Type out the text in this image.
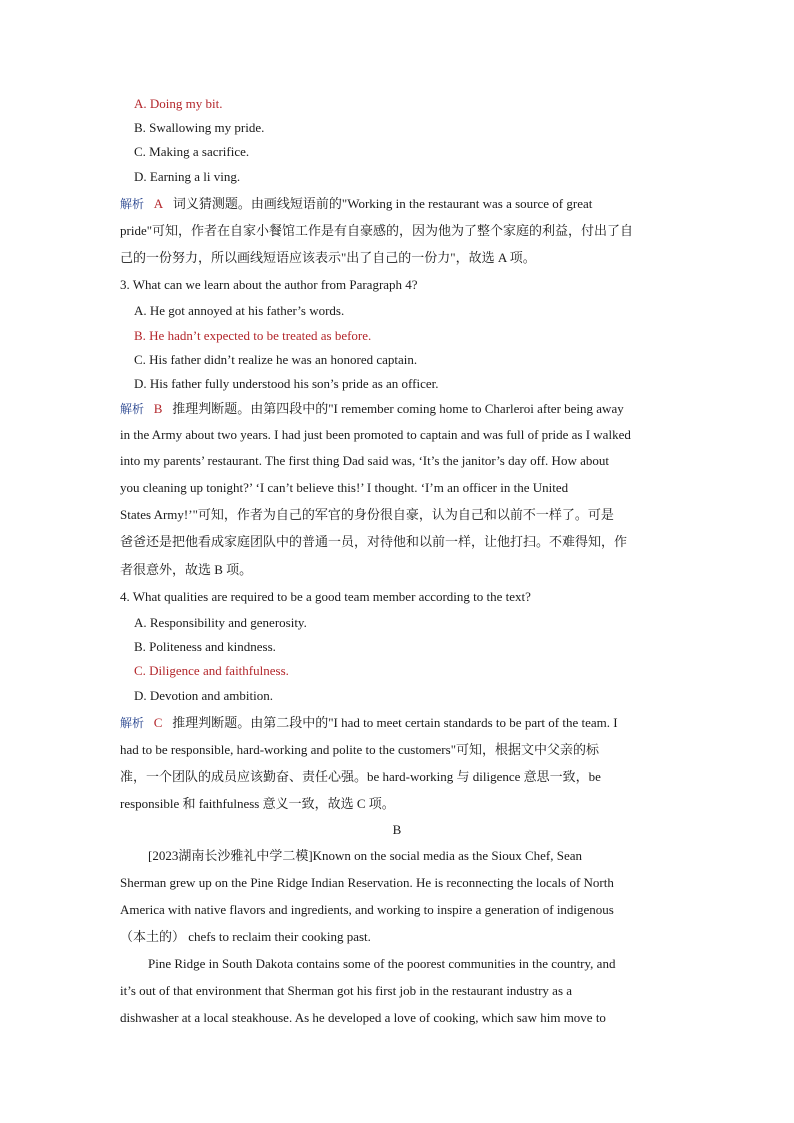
A. Doing my bit.
B. Swallowing my pride.
C. Making a sacrifice.
D. Earning a li ving.
解析 A 词义猜测题。由画线短语前的"Working in the restaurant was a source of great
pride"可知，作者在自家小餐馆工作是有自豪感的，因为他为了整个家庭的利益，付出了自
己的一份努力，所以画线短语应该表示"出了自己的一份力"，故选 A 项。
3. What can we learn about the author from Paragraph 4?
A. He got annoyed at his father’s words.
B. He hadn’t expected to be treated as before.
C. His father didn’t realize he was an honored captain.
D. His father fully understood his son’s pride as an officer.
解析 B 推理判断题。由第四段中的"I remember coming home to Charleroi after being away
in the Army about two years. I had just been promoted to captain and was full of pride as I walked
into my parents’ restaurant. The first thing Dad said was, ‘It’s the janitor’s day off. How about
you cleaning up tonight?’ ‘I can’t believe this!’ I thought. ‘I’m an officer in the United
States Army!’"可知，作者为自己的军官的身份很自豪，认为自己和以前不一样了。可是
爸爸还是把他看成家庭团队中的普通一员，对待他和以前一样，让他打扫。不难得知，作
者很意外，故选 B 项。
4. What qualities are required to be a good team member according to the text?
A. Responsibility and generosity.
B. Politeness and kindness.
C. Diligence and faithfulness.
D. Devotion and ambition.
解析 C 推理判断题。由第二段中的"I had to meet certain standards to be part of the team. I
had to be responsible, hard-working and polite to the customers"可知，根据文中父亲的标
准，一个团队的成员应该勤奋、责任心强。be hard-working 与 diligence 意思一致，be
responsible 和 faithfulness 意义一致，故选 C 项。
B
[2023湖南长沙雅礼中学二模]Known on the social media as the Sioux Chef, Sean
Sherman grew up on the Pine Ridge Indian Reservation. He is reconnecting the locals of North
America with native flavors and ingredients, and working to inspire a generation of indigenous
（本土的） chefs to reclaim their cooking past.
Pine Ridge in South Dakota contains some of the poorest communities in the country, and
it’s out of that environment that Sherman got his first job in the restaurant industry as a
dishwasher at a local steakhouse. As he developed a love of cooking, which saw him move to
